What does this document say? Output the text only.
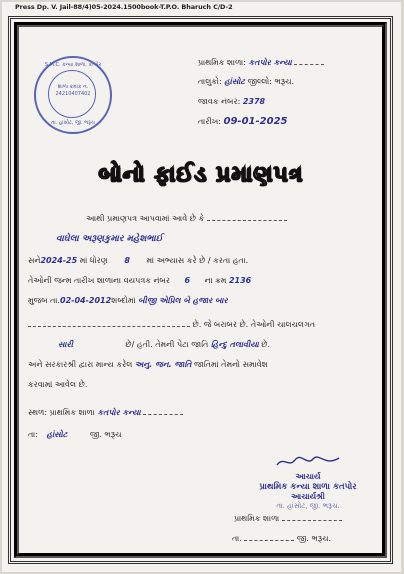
Press Dp. V. Jail-88/4)05-2024.1500book-T.P.O. Bharuch C/D-2
S.M.C. કન્યા શાળા, કત્પોર
શાળા ક્રમાંક નં.
24210407402
તા. હાંસોટ, જી. ભરૂચ
પ્રાથમિક શાળા: કતપોર કન્યા
તાલુકો: હાંસોટ જીલ્લો: ભરૂચ.
જાવક નંબર: 2378
તારીખ: 09-01-2025
બોનો ફાઈડ પ્રમાણપત્ર
આથી પ્રમાણપત્ર આપવામાં આવે છે કે
વાઘેલા અરૂણકુમાર મહેશભાઈ
સને2024-25 માં ધોરણ 8 માં અભ્યાસ કરે છે / કરતા હતા.
તેઓની જન્મ તારીખ શાળાના વયપત્રક નંબર 6 ના ક્રમ 2136
મુજબ તા.02-04-2012શબ્દોમાં બીજી એપ્રિલ બે હજાર બાર
છે. જે બરાબર છે. તેઓની ચાલચલગત
સારી	છે/ હતી. તેમની પેટા જાતિ હિન્દુ તલાવીયા છે.
અને સરકારશ્રી દ્વારા માન્ય કરેલ અનુ. જન. જાતિ જાતિમાં તેમનો સમાવેશ
કરવામાં આવેલ છે.
સ્થળ: પ્રાથમિક શાળા કતપોર કન્યા
તા: હાંસોટ	જી. ભરૂચ
આચાર્ય
પ્રાથમિક કન્યા શાળા કતપોર
આચાર્યશ્રી
તા. હાંસોટ, જી. ભરૂચ.
પ્રાથમિક શાળા
તા.	જી. ભરૂચ.
